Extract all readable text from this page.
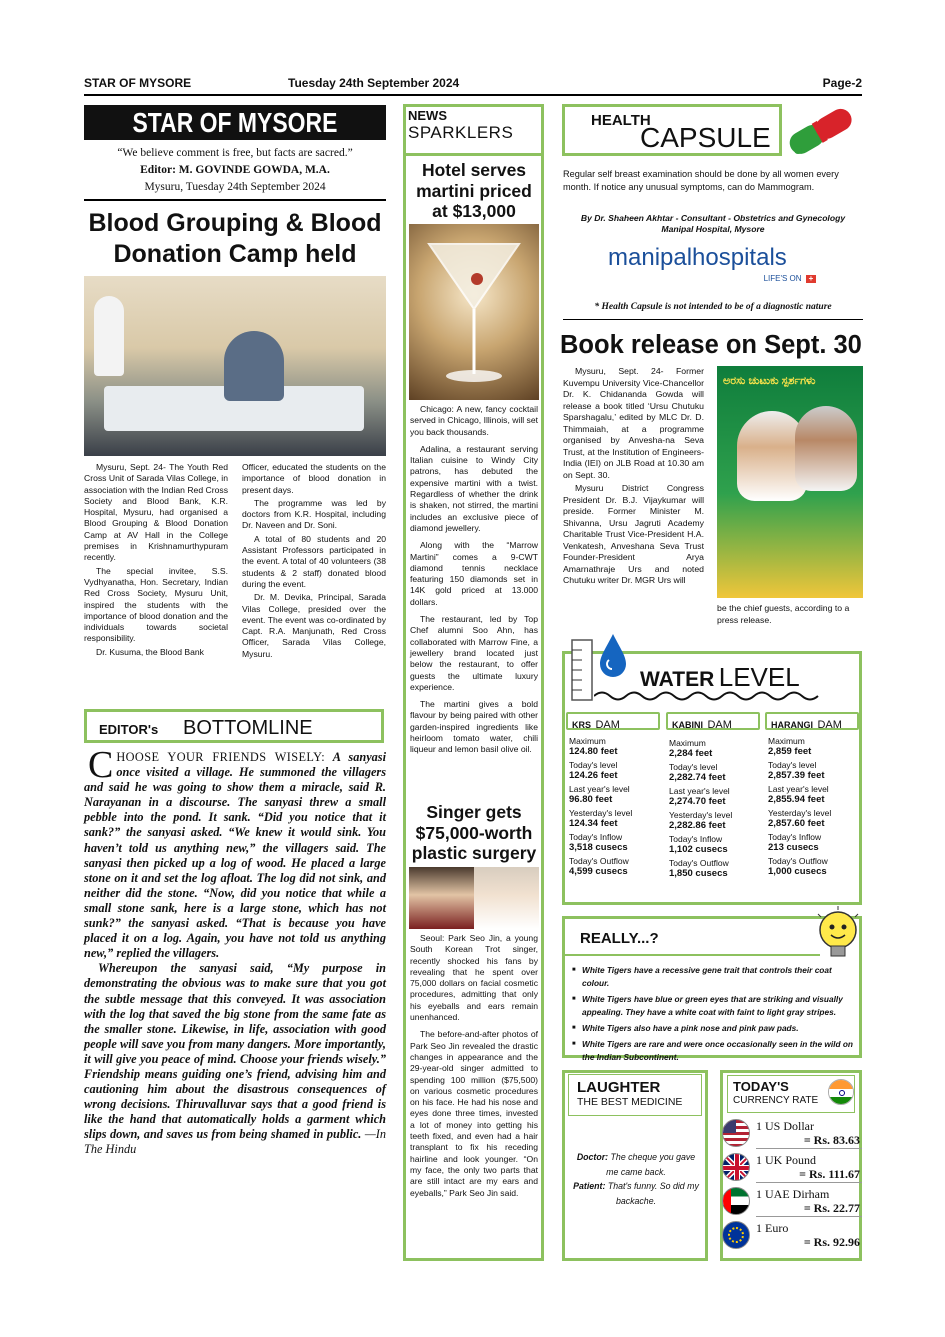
STAR OF MYSORE	Tuesday 24th September 2024	Page-2
STAR OF MYSORE
“We believe comment is free, but facts are sacred.”
Editor: M. GOVINDE GOWDA, M.A.
Mysuru, Tuesday 24th September 2024
Blood Grouping & Blood Donation Camp held

Mysuru, Sept. 24- The Youth Red Cross Unit of Sarada Vilas College, in association with the Indian Red Cross Society and Blood Bank, K.R. Hospital, Mysuru, had organised a Blood Grouping & Blood Donation Camp at AV Hall in the College premises in Krishnamurthypuram recently.

The special invitee, S.S. Vydhyanatha, Hon. Secretary, Indian Red Cross Society, Mysuru Unit, inspired the students with the importance of blood donation and the individuals towards societal responsibility.

Dr. Kusuma, the Blood Bank

Officer, educated the students on the importance of blood donation in present days.

The programme was led by doctors from K.R. Hospital, including Dr. Naveen and Dr. Soni.

A total of 80 students and 20 Assistant Professors participated in the event. A total of 40 volunteers (38 students & 2 staff) donated blood during the event.

Dr. M. Devika, Principal, Sarada Vilas College, presided over the event. The event was co-ordinated by Capt. R.A. Manjunath, Red Cross Officer, Sarada Vilas College, Mysuru.

EDITOR's BOTTOMLINE

CHOOSE YOUR FRIENDS WISELY: A sanyasi once visited a village. He summoned the villagers and said he was going to show them a miracle, said R. Narayanan in a discourse. The sanyasi threw a small pebble into the pond. It sank. “Did you notice that it sank?” the sanyasi asked. “We knew it would sink. You haven’t told us anything new,” the villagers said. The sanyasi then picked up a log of wood. He placed a large stone on it and set the log afloat. The log did not sink, and neither did the stone. “Now, did you notice that while a small stone sank, here is a large stone, which has not sunk?” the sanyasi asked. “That is because you have placed it on a log. Again, you have not told us anything new,” replied the villagers.

Whereupon the sanyasi said, “My purpose in demonstrating the obvious was to make sure that you got the subtle message that this conveyed. It was association with the log that saved the big stone from the same fate as the smaller stone. Likewise, in life, association with good people will save you from many dangers. More importantly, it will give you peace of mind. Choose your friends wisely.” Friendship means guiding one’s friend, advising him and cautioning him about the disastrous consequences of wrong decisions. Thiruvalluvar says that a good friend is like the hand that automatically holds a garment which slips down, and saves us from being shamed in public. —In The Hindu

NEWS
SPARKLERS
Hotel serves martini priced at $13,000

Chicago: A new, fancy cocktail served in Chicago, Illinois, will set you back thousands.

Adalina, a restaurant serving Italian cuisine to Windy City patrons, has debuted the expensive martini with a twist. Regardless of whether the drink is shaken, not stirred, the martini includes an exclusive piece of diamond jewellery.

Along with the “Marrow Martini” comes a 9-CWT diamond tennis necklace featuring 150 diamonds set in 14K gold priced at 13.000 dollars.

The restaurant, led by Top Chef alumni Soo Ahn, has collaborated with Marrow Fine, a jewellery brand located just below the restaurant, to offer guests the ultimate luxury experience.

The martini gives a bold flavour by being paired with other garden-inspired ingredients like heirloom tomato water, chili liqueur and lemon basil olive oil.

Singer gets $75,000-worth plastic surgery

Seoul: Park Seo Jin, a young South Korean Trot singer, recently shocked his fans by revealing that he spent over 75,000 dollars on facial cosmetic procedures, admitting that only his eyeballs and ears remain unenhanced.

The before-and-after photos of Park Seo Jin revealed the drastic changes in appearance and the 29-year-old singer admitted to spending 100 million ($75,500) on various cosmetic procedures on his face. He had his nose and eyes done three times, invested a lot of money into getting his teeth fixed, and even had a hair transplant to fix his receding hairline and look younger. “On my face, the only two parts that are still intact are my ears and eyeballs,” Park Seo Jin said.

HEALTH
CAPSULE
Regular self breast examination should be done by all women every month. If notice any unusual symptoms, can do Mammogram.
By Dr. Shaheen Akhtar - Consultant - Obstetrics and Gynecology
Manipal Hospital, Mysore
manipalhospitals
LIFE'S ON +
* Health Capsule is not intended to be of a diagnostic nature
Book release on Sept. 30

Mysuru, Sept. 24- Former Kuvempu University Vice-Chancellor Dr. K. Chidananda Gowda will release a book titled ‘Ursu Chutuku Sparshagalu,’ edited by MLC Dr. D. Thimmaiah, at a programme organised by Anvesha-na Seva Trust, at the Institution of Engineers-India (IEI) on JLB Road at 10.30 am on Sept. 30.

Mysuru District Congress President Dr. B.J. Vijaykumar will preside. Former Minister M. Shivanna, Ursu Jagruti Academy Charitable Trust Vice-President H.A. Venkatesh, Anveshana Seva Trust Founder-President Arya Amarnathraje Urs and noted Chutuku writer Dr. MGR Urs will

ಅರಸು ಚುಟುಕು ಸ್ಪರ್ಶಗಳು
be the chief guests, according to a press release.
WATER LEVEL
KRS DAM
Maximum
124.80 feet
Today's level
124.26 feet
Last year's level
96.80 feet
Yesterday's level
124.34 feet
Today's Inflow
3,518 cusecs
Today's Outflow
4,599 cusecs
KABINI DAM
Maximum
2,284 feet
Today's level
2,282.74 feet
Last year's level
2,274.70 feet
Yesterday's level
2,282.86 feet
Today's Inflow
1,102 cusecs
Today's Outflow
1,850 cusecs
HARANGI DAM
Maximum
2,859 feet
Today's level
2,857.39 feet
Last year's level
2,855.94 feet
Yesterday's level
2,857.60 feet
Today's Inflow
213 cusecs
Today's Outflow
1,000 cusecs
REALLY...?
■ White Tigers have a recessive gene trait that controls their coat colour.
■ White Tigers have blue or green eyes that are striking and visually appealing. They have a white coat with faint to light gray stripes.
■ White Tigers also have a pink nose and pink paw pads.
■ White Tigers are rare and were once occasionally seen in the wild on the Indian Subcontinent.
LAUGHTER
THE BEST MEDICINE
Doctor: The cheque you gave me came back.
Patient: That's funny. So did my backache.
TODAY'S
CURRENCY RATE
1 US Dollar
= Rs. 83.63
1 UK Pound
= Rs. 111.67
1 UAE Dirham
= Rs. 22.77
1 Euro
= Rs. 92.96
